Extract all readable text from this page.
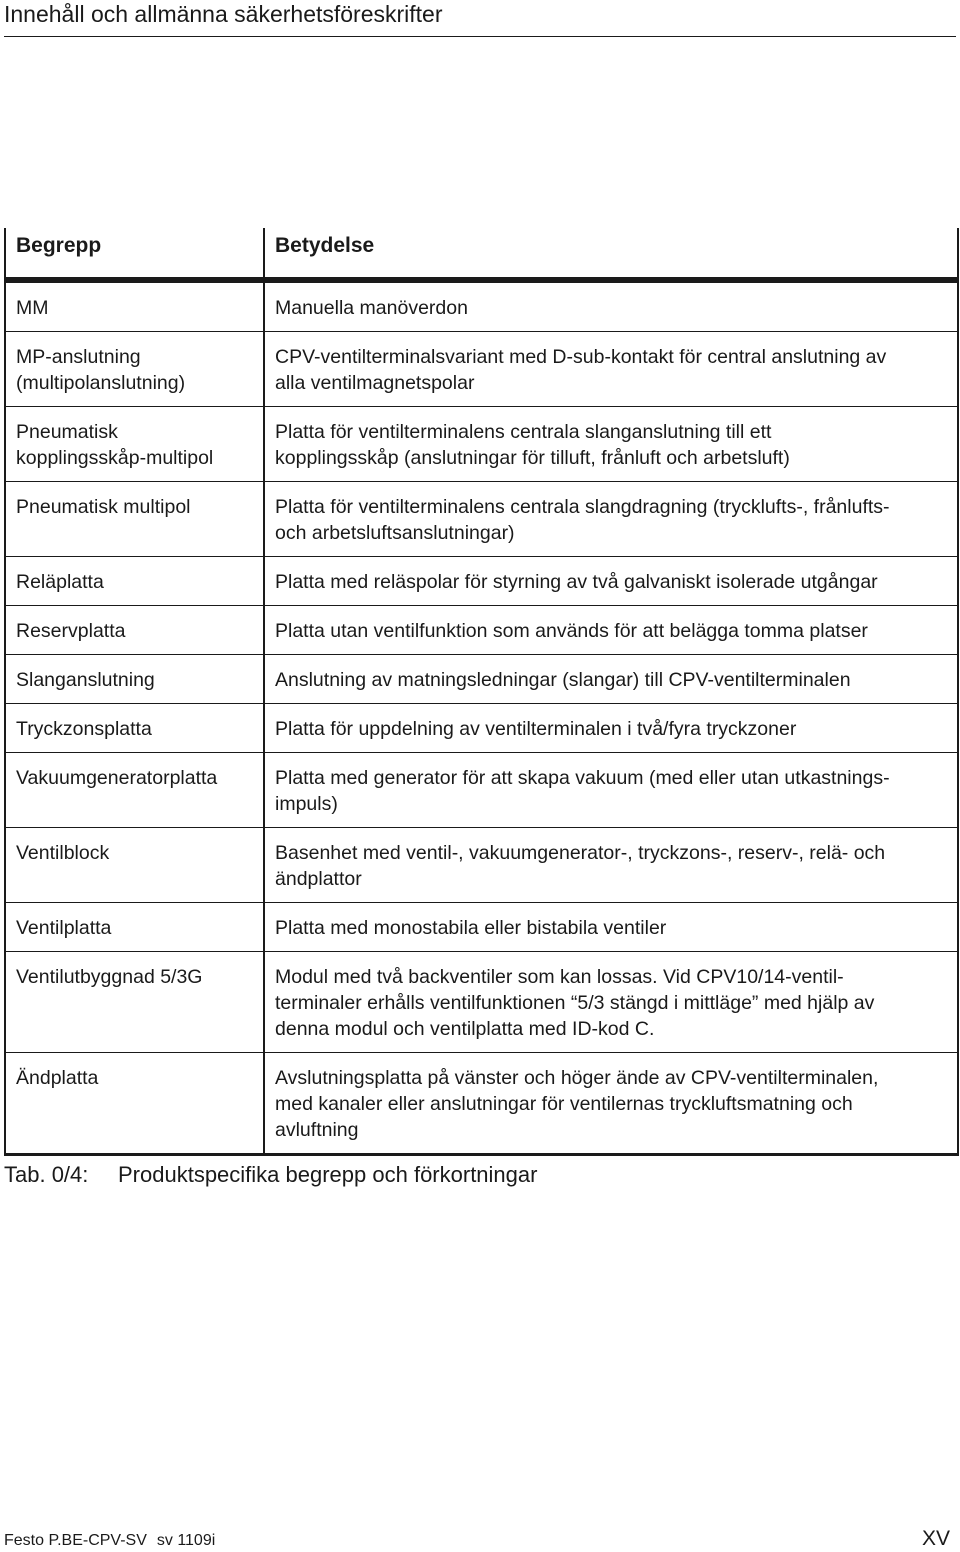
Innehåll och allmänna säkerhetsföreskrifter
Begrepp	Betydelse

MM	Manuella manöverdon

MP-anslutning
(multipolanslutning)	CPV-ventilterminalsvariant med D-sub-kontakt för central anslutning av
alla ventilmagnetspolar

Pneumatisk
kopplingsskåp-multipol	Platta för ventilterminalens centrala slanganslutning till ett
kopplingsskåp (anslutningar för tilluft, frånluft och arbetsluft)

Pneumatisk multipol	Platta för ventilterminalens centrala slangdragning (trycklufts-, frånlufts-
och arbetsluftsanslutningar)

Reläplatta	Platta med reläspolar för styrning av två galvaniskt isolerade utgångar

Reservplatta	Platta utan ventilfunktion som används för att belägga tomma platser

Slanganslutning	Anslutning av matningsledningar (slangar) till CPV-ventilterminalen

Tryckzonsplatta	Platta för uppdelning av ventilterminalen i två/fyra tryckzoner

Vakuumgeneratorplatta	Platta med generator för att skapa vakuum (med eller utan utkastnings-
impuls)

Ventilblock	Basenhet med ventil-, vakuumgenerator-, tryckzons-, reserv-, relä- och
ändplattor

Ventilplatta	Platta med monostabila eller bistabila ventiler

Ventilutbyggnad 5/3G	Modul med två backventiler som kan lossas. Vid CPV10/14-ventil-
terminaler erhålls ventilfunktionen “5/3 stängd i mittläge” med hjälp av
denna modul och ventilplatta med ID-kod C.

Ändplatta	Avslutningsplatta på vänster och höger ände av CPV-ventilterminalen,
med kanaler eller anslutningar för ventilernas tryckluftsmatning och
avluftning
Tab. 0/4: Produktspecifika begrepp och förkortningar
Festo P.BE-CPV-SV sv 1109i	XV
